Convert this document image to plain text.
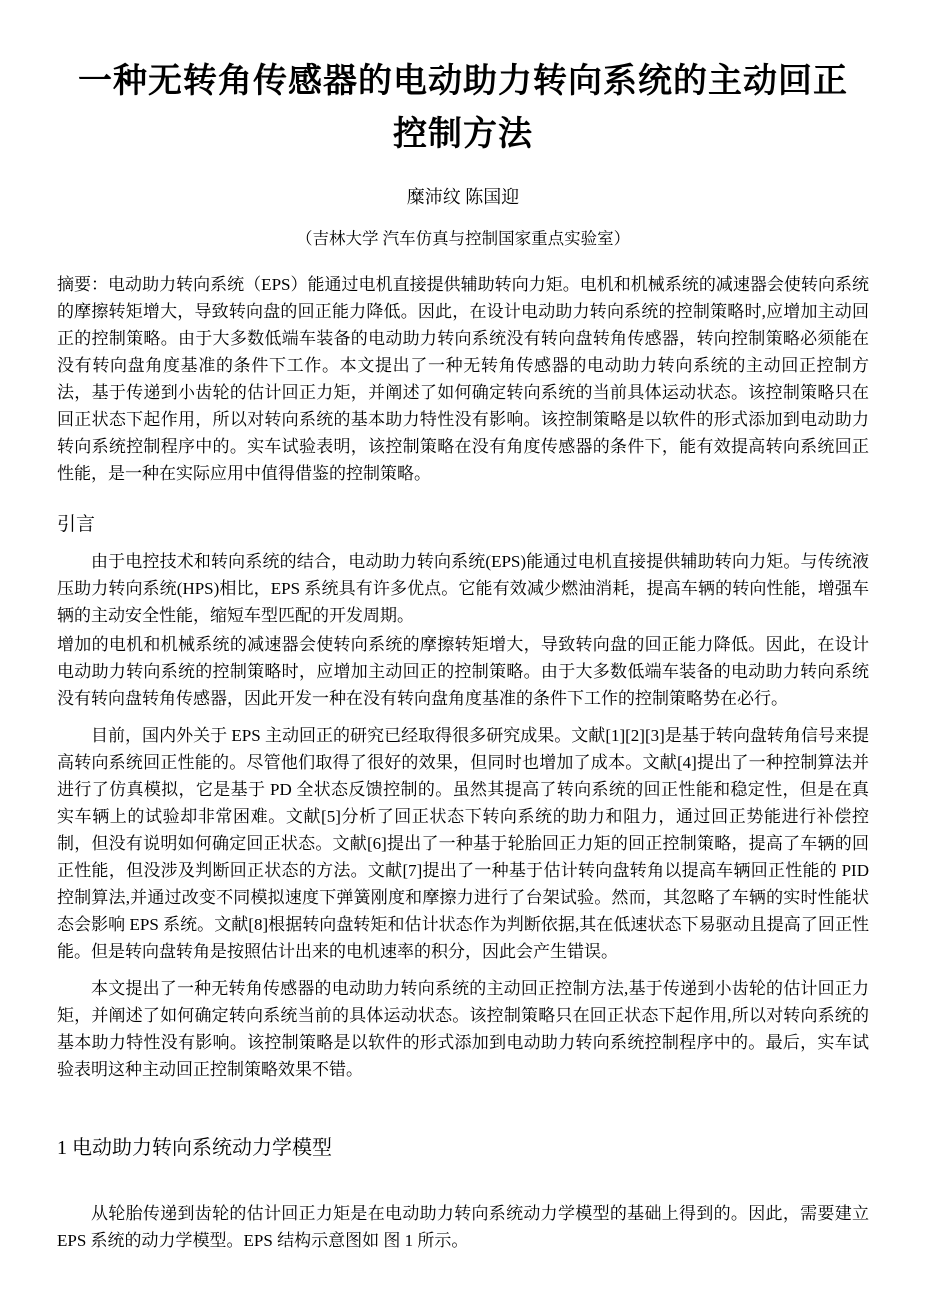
一种无转角传感器的电动助力转向系统的主动回正控制方法
糜沛纹 陈国迎
（吉林大学 汽车仿真与控制国家重点实验室）

摘要：电动助力转向系统（EPS）能通过电机直接提供辅助转向力矩。电机和机械系统的减速器会使转向系统的摩擦转矩增大，导致转向盘的回正能力降低。因此，在设计电动助力转向系统的控制策略时,应增加主动回正的控制策略。由于大多数低端车装备的电动助力转向系统没有转向盘转角传感器，转向控制策略必须能在没有转向盘角度基准的条件下工作。本文提出了一种无转角传感器的电动助力转向系统的主动回正控制方法，基于传递到小齿轮的估计回正力矩，并阐述了如何确定转向系统的当前具体运动状态。该控制策略只在回正状态下起作用，所以对转向系统的基本助力特性没有影响。该控制策略是以软件的形式添加到电动助力转向系统控制程序中的。实车试验表明，该控制策略在没有角度传感器的条件下，能有效提高转向系统回正性能，是一种在实际应用中值得借鉴的控制策略。

引言

由于电控技术和转向系统的结合，电动助力转向系统(EPS)能通过电机直接提供辅助转向力矩。与传统液压助力转向系统(HPS)相比，EPS 系统具有许多优点。它能有效减少燃油消耗，提高车辆的转向性能，增强车辆的主动安全性能，缩短车型匹配的开发周期。

增加的电机和机械系统的减速器会使转向系统的摩擦转矩增大，导致转向盘的回正能力降低。因此，在设计电动助力转向系统的控制策略时，应增加主动回正的控制策略。由于大多数低端车装备的电动助力转向系统没有转向盘转角传感器，因此开发一种在没有转向盘角度基准的条件下工作的控制策略势在必行。

目前，国内外关于 EPS 主动回正的研究已经取得很多研究成果。文献[1][2][3]是基于转向盘转角信号来提高转向系统回正性能的。尽管他们取得了很好的效果，但同时也增加了成本。文献[4]提出了一种控制算法并进行了仿真模拟，它是基于 PD 全状态反馈控制的。虽然其提高了转向系统的回正性能和稳定性，但是在真实车辆上的试验却非常困难。文献[5]分析了回正状态下转向系统的助力和阻力，通过回正势能进行补偿控制，但没有说明如何确定回正状态。文献[6]提出了一种基于轮胎回正力矩的回正控制策略，提高了车辆的回正性能，但没涉及判断回正状态的方法。文献[7]提出了一种基于估计转向盘转角以提高车辆回正性能的 PID 控制算法,并通过改变不同模拟速度下弹簧刚度和摩擦力进行了台架试验。然而，其忽略了车辆的实时性能状态会影响 EPS 系统。文献[8]根据转向盘转矩和估计状态作为判断依据,其在低速状态下易驱动且提高了回正性能。但是转向盘转角是按照估计出来的电机速率的积分，因此会产生错误。

本文提出了一种无转角传感器的电动助力转向系统的主动回正控制方法,基于传递到小齿轮的估计回正力矩，并阐述了如何确定转向系统当前的具体运动状态。该控制策略只在回正状态下起作用,所以对转向系统的基本助力特性没有影响。该控制策略是以软件的形式添加到电动助力转向系统控制程序中的。最后，实车试验表明这种主动回正控制策略效果不错。

1 电动助力转向系统动力学模型

从轮胎传递到齿轮的估计回正力矩是在电动助力转向系统动力学模型的基础上得到的。因此，需要建立 EPS 系统的动力学模型。EPS 结构示意图如 图 1 所示。
